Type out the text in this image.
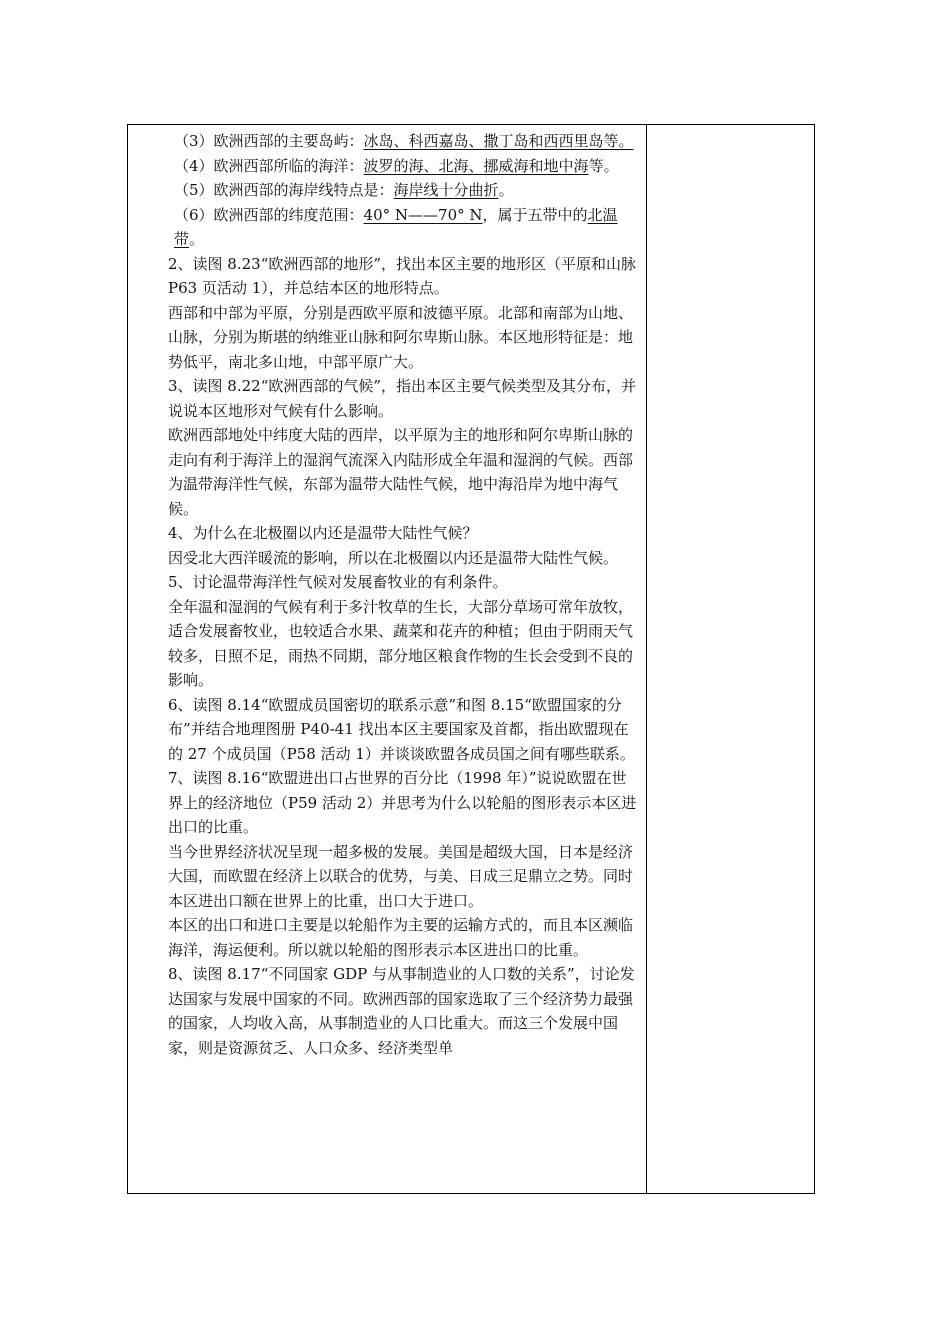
（3）欧洲西部的主要岛屿：冰岛、科西嘉岛、撒丁岛和西西里岛等。

（4）欧洲西部所临的海洋：波罗的海、北海、挪威海和地中海等。

（5）欧洲西部的海岸线特点是：海岸线十分曲折。

（6）欧洲西部的纬度范围：40° N——70° N，属于五带中的北温带。

2、读图 8.23“欧洲西部的地形”，找出本区主要的地形区（平原和山脉 P63 页活动 1），并总结本区的地形特点。

西部和中部为平原，分别是西欧平原和波德平原。北部和南部为山地、山脉，分别为斯堪的纳维亚山脉和阿尔卑斯山脉。本区地形特征是：地势低平，南北多山地，中部平原广大。

3、读图 8.22“欧洲西部的气候”，指出本区主要气候类型及其分布，并说说本区地形对气候有什么影响。

欧洲西部地处中纬度大陆的西岸，以平原为主的地形和阿尔卑斯山脉的走向有利于海洋上的湿润气流深入内陆形成全年温和湿润的气候。西部为温带海洋性气候，东部为温带大陆性气候，地中海沿岸为地中海气候。

4、为什么在北极圈以内还是温带大陆性气候？

因受北大西洋暖流的影响，所以在北极圈以内还是温带大陆性气候。

5、讨论温带海洋性气候对发展畜牧业的有利条件。

全年温和湿润的气候有利于多汁牧草的生长，大部分草场可常年放牧，适合发展畜牧业，也较适合水果、蔬菜和花卉的种植；但由于阴雨天气较多，日照不足，雨热不同期，部分地区粮食作物的生长会受到不良的影响。

6、读图 8.14“欧盟成员国密切的联系示意”和图 8.15“欧盟国家的分布”并结合地理图册 P40-41 找出本区主要国家及首都，指出欧盟现在的 27 个成员国（P58 活动 1）并谈谈欧盟各成员国之间有哪些联系。

7、读图 8.16“欧盟进出口占世界的百分比（1998 年）”说说欧盟在世界上的经济地位（P59 活动 2）并思考为什么以轮船的图形表示本区进出口的比重。

当今世界经济状况呈现一超多极的发展。美国是超级大国，日本是经济大国，而欧盟在经济上以联合的优势，与美、日成三足鼎立之势。同时本区进出口额在世界上的比重，出口大于进口。

本区的出口和进口主要是以轮船作为主要的运输方式的，而且本区濒临海洋，海运便利。所以就以轮船的图形表示本区进出口的比重。

8、读图 8.17“不同国家 GDP 与从事制造业的人口数的关系”，讨论发达国家与发展中国家的不同。欧洲西部的国家选取了三个经济势力最强的国家，人均收入高，从事制造业的人口比重大。而这三个发展中国家，则是资源贫乏、人口众多、经济类型单
